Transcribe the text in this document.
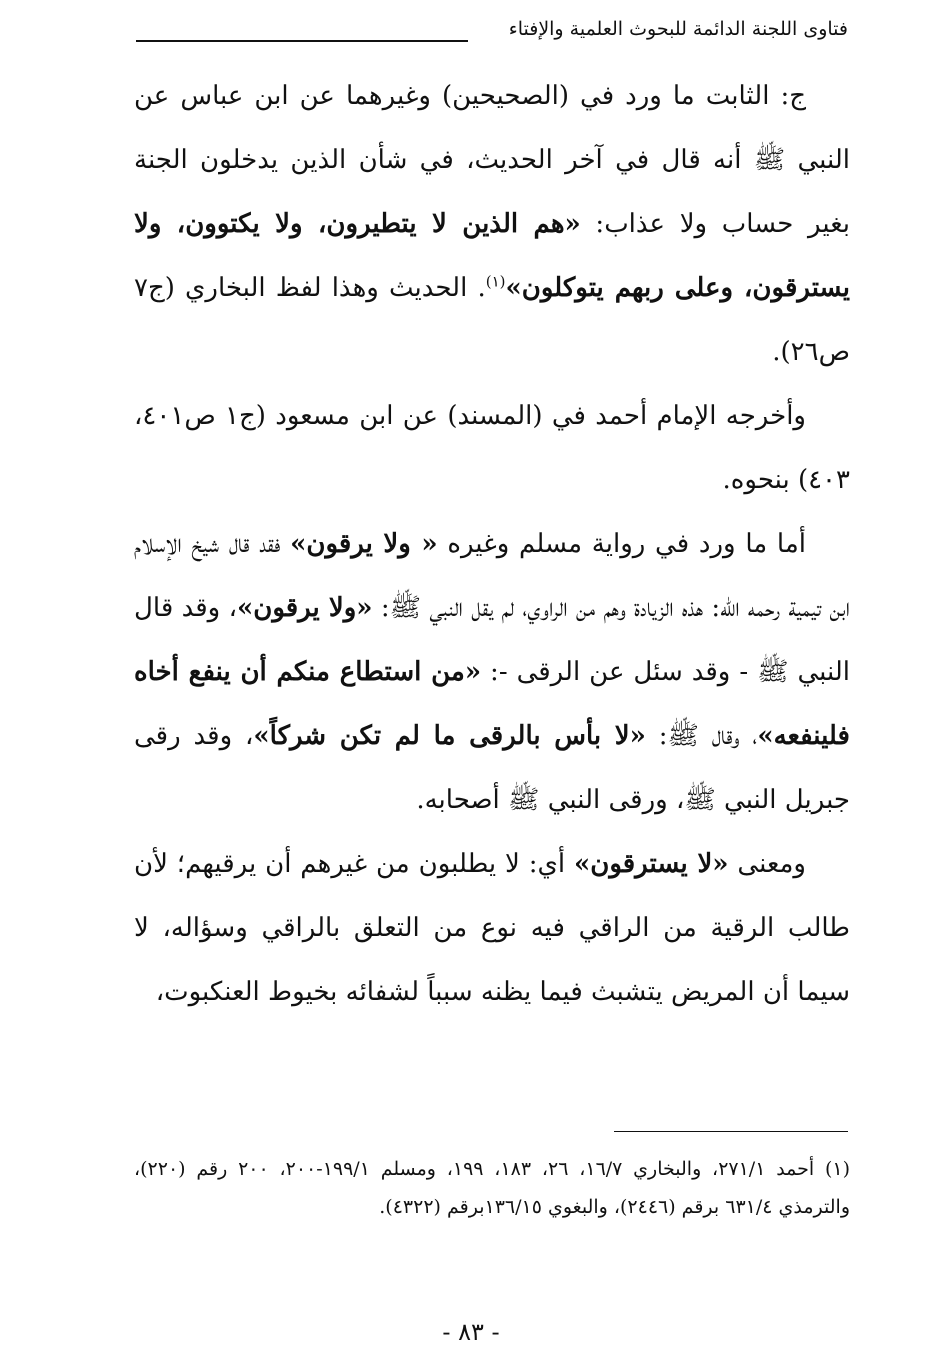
فتاوى اللجنة الدائمة للبحوث العلمية والإفتاء

ج: الثابت ما ورد في (الصحيحين) وغيرهما عن ابن عباس عن النبي ﷺ أنه قال في آخر الحديث، في شأن الذين يدخلون الجنة بغير حساب ولا عذاب: «هم الذين لا يتطيرون، ولا يكتوون، ولا يسترقون، وعلى ربهم يتوكلون»$^{(١)}$. الحديث وهذا لفظ البخاري (ج٧ ص٢٦).

وأخرجه الإمام أحمد في (المسند) عن ابن مسعود (ج١ ص٤٠١، ٤٠٣) بنحوه.

أما ما ورد في رواية مسلم وغيره « ولا يرقون» فقد قال شيخ الإسلام ابن تيمية رحمه الله: هذه الزيادة وهم من الراوي، لم يقل النبي ﷺ: «ولا يرقون»، وقد قال النبي ﷺ - وقد سئل عن الرقى -: «من استطاع منكم أن ينفع أخاه فلينفعه»، وقال ﷺ: «لا بأس بالرقى ما لم تكن شركاً»، وقد رقى جبريل النبي ﷺ، ورقى النبي ﷺ أصحابه.

ومعنى «لا يسترقون» أي: لا يطلبون من غيرهم أن يرقيهم؛ لأن طالب الرقية من الراقي فيه نوع من التعلق بالراقي وسؤاله، لا سيما أن المريض يتشبث فيما يظنه سبباً لشفائه بخيوط العنكبوت،

(١) أحمد ٢٧١/١، والبخاري ١٦/٧، ٢٦، ١٨٣، ١٩٩، ومسلم ١٩٩/١-٢٠٠، ٢٠٠ رقم (٢٢٠)، والترمذي ٦٣١/٤ برقم (٢٤٤٦)، والبغوي ١٣٦/١٥برقم (٤٣٢٢).

- ٨٣ -
